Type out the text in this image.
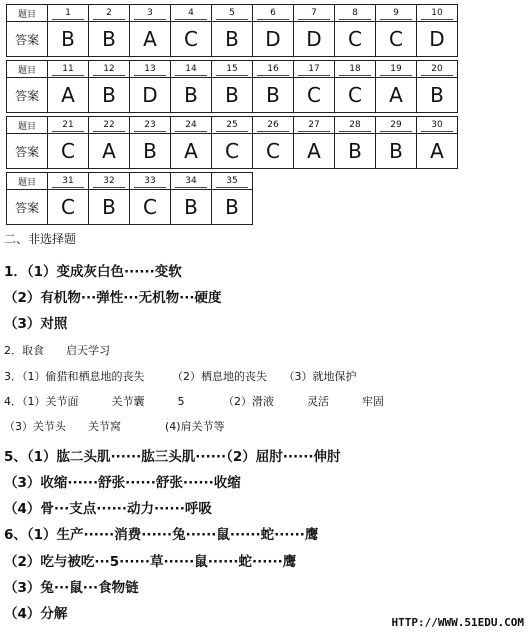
题目	1	2	3	4	5	6	7	8	9	10
答案	B	B	A	C	B	D	D	C	C	D
题目	11	12	13	14	15	16	17	18	19	20
答案	A	B	D	B	B	B	C	C	A	B
题目	21	22	23	24	25	26	27	28	29	30
答案	C	A	B	A	C	C	A	B	B	A
题目	31	32	33	34	35
答案	C	B	C	B	B
二、非选择题
1．（1）变成灰白色······变软
（2）有机物···弹性···无机物···硬度
（3）对照
2．取食　　启天学习
3．（1）偷猎和栖息地的丧失　　　（2）栖息地的丧失　　（3）就地保护
4．（1）关节面　　　关节囊　　　5　　　　（2）滑液　　　灵活　　　牢固
（3）关节头　　关节窝　　　　(4)肩关节等
5、（1）肱二头肌······肱三头肌······（2）屈肘······伸肘
（3）收缩······舒张······舒张······收缩
（4）骨···支点······动力······呼吸
6、（1）生产······消费······兔······鼠······蛇······鹰
（2）吃与被吃···5······草······鼠······蛇······鹰
（3）兔···鼠···食物链
（4）分解
HTTP://WWW.51EDU.COM
